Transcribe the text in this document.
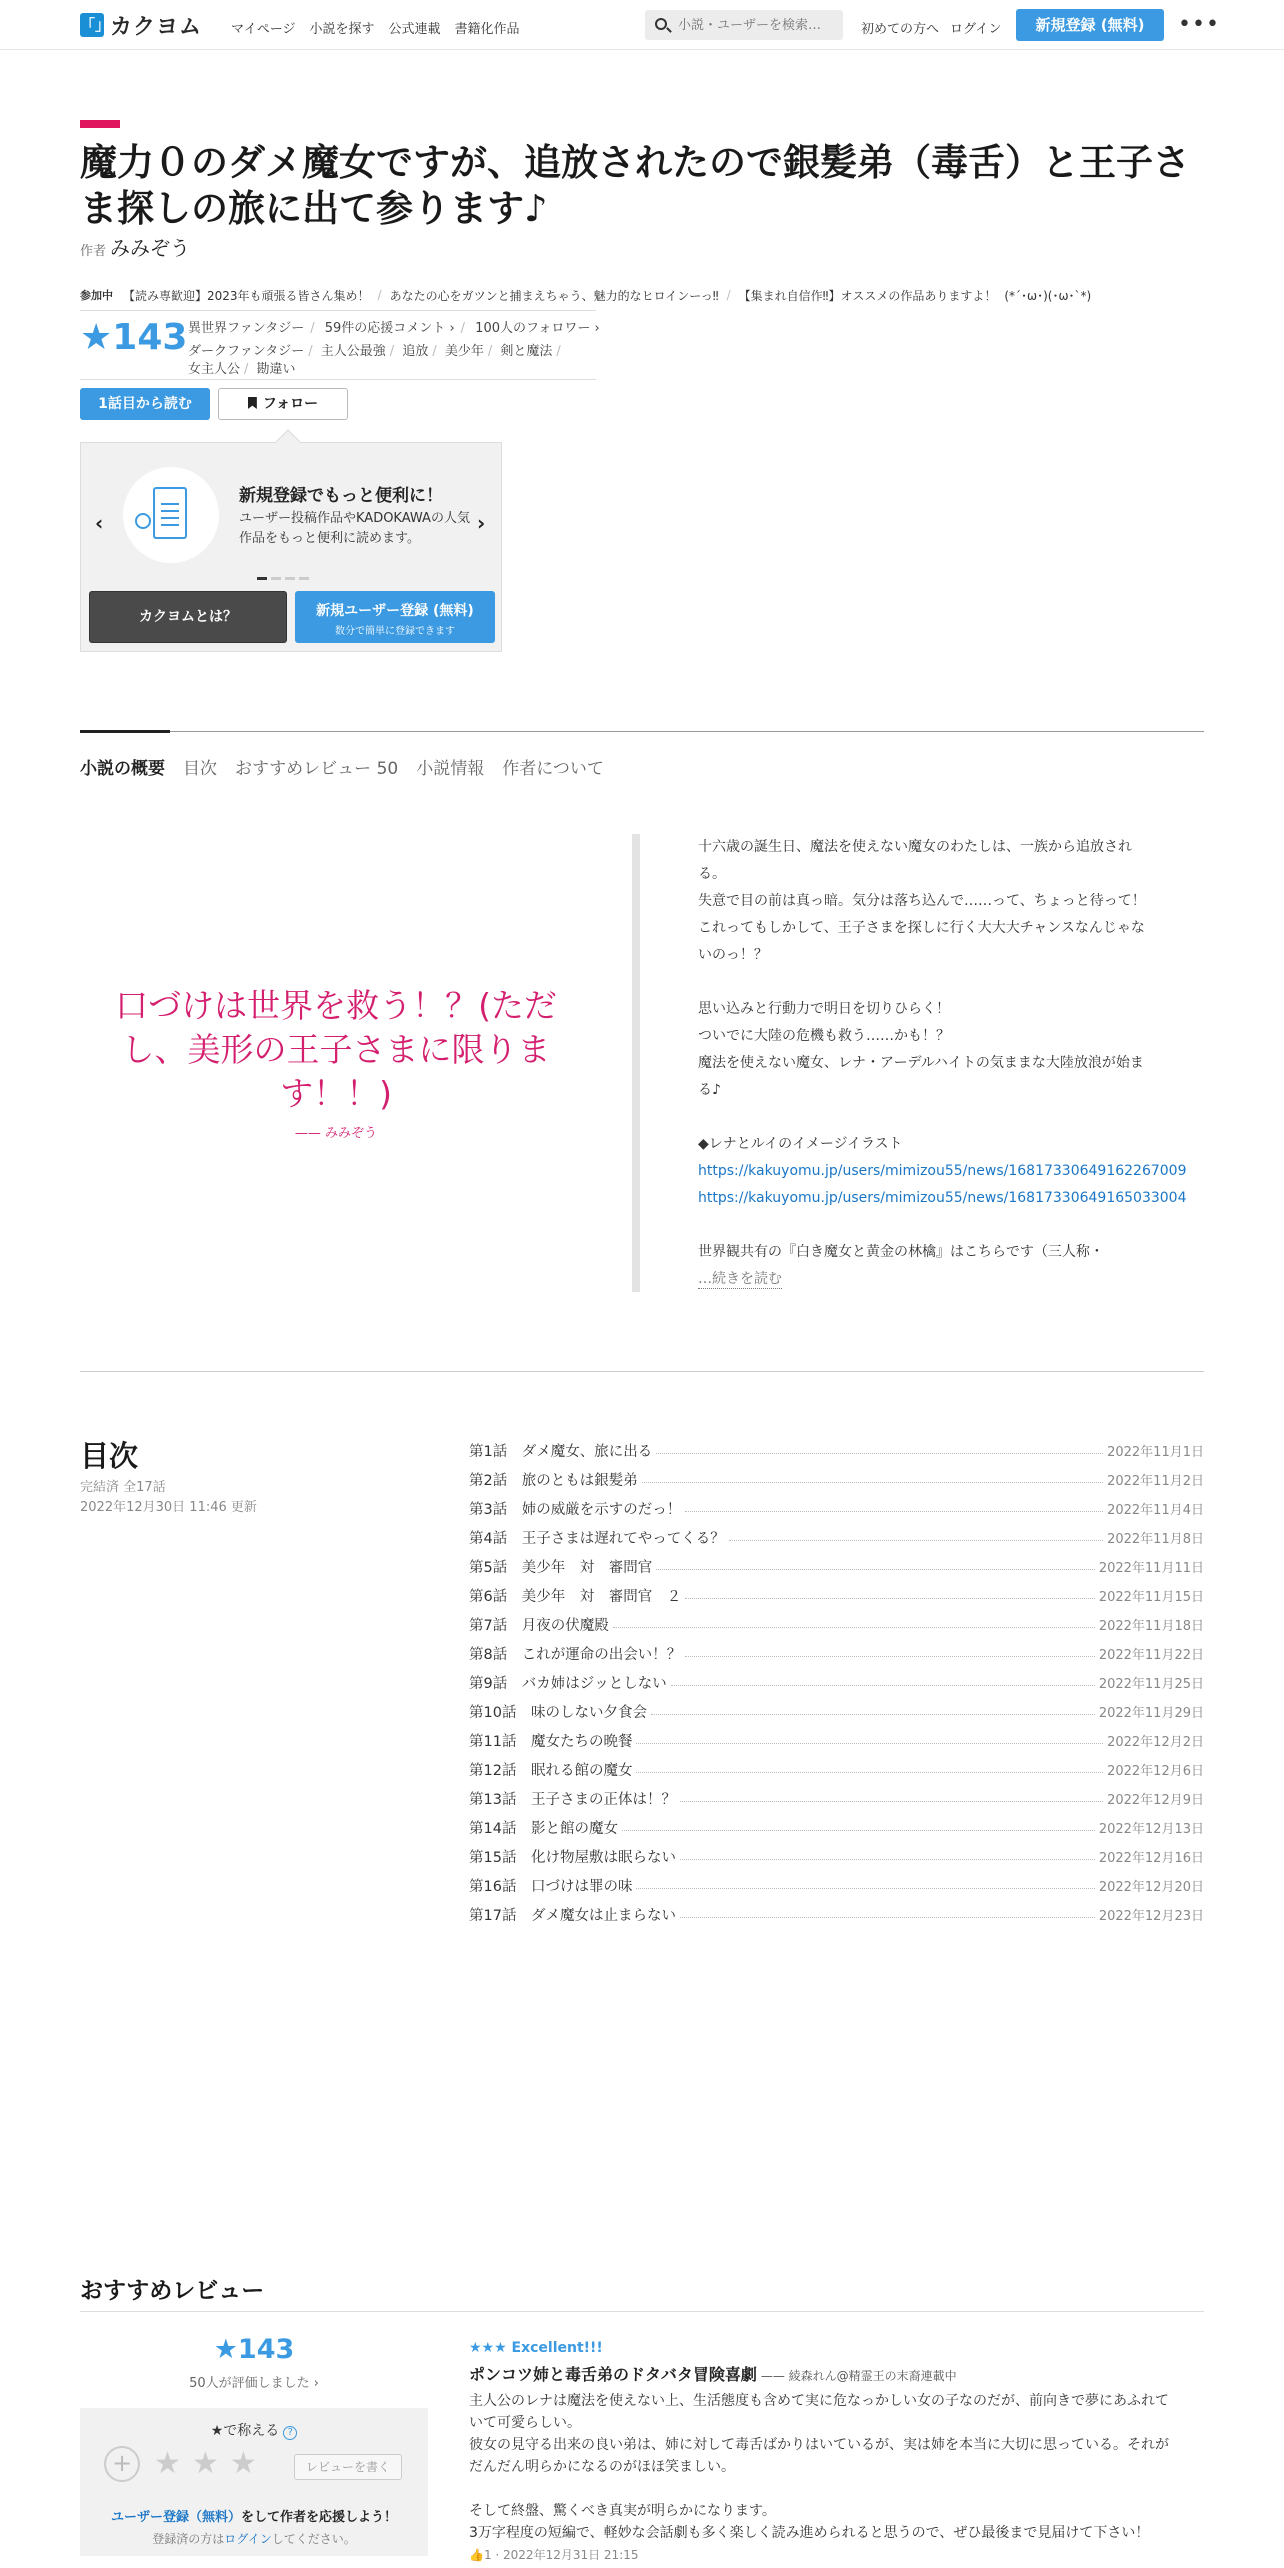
「」 カクヨム マイページ 小説を探す 公式連載 書籍化作品
小説・ユーザーを検索…	初めての方へ ログイン	新規登録 (無料)	•••
魔力０のダメ魔女ですが、追放されたので銀髪弟（毒舌）と王子さま探しの旅に出て参ります♪
作者 みみぞう
参加中 【読み専歓迎】2023年も頑張る皆さん集め！ / あなたの心をガツンと捕まえちゃう、魅力的なヒロインーっ‼ / 【集まれ自信作‼】オススメの作品ありますよ！ (*´･ω･)(･ω･`*)
★143 異世界ファンタジー / 59件の応援コメント › / 100人のフォロワー ›
ダークファンタジー / 主人公最強 / 追放 / 美少年 / 剣と魔法 /
女主人公 / 勘違い
1話目から読む	フォロー
‹	›
新規登録でもっと便利に！
ユーザー投稿作品やKADOKAWAの人気作品をもっと便利に読めます。
カクヨムとは？	新規ユーザー登録 (無料)
数分で簡単に登録できます
小説の概要 目次 おすすめレビュー 50 小説情報 作者について
口づけは世界を救う！？(ただし、美形の王子さまに限ります！！)
—— みみぞう
十六歳の誕生日、魔法を使えない魔女のわたしは、一族から追放され
る。
失意で目の前は真っ暗。気分は落ち込んで……って、ちょっと待って！
これってもしかして、王子さまを探しに行く大大大チャンスなんじゃな
いのっ！？
思い込みと行動力で明日を切りひらく！
ついでに大陸の危機も救う……かも！？
魔法を使えない魔女、レナ・アーデルハイトの気ままな大陸放浪が始ま
る♪
◆レナとルイのイメージイラスト
https://kakuyomu.jp/users/mimizou55/news/16817330649162267009
https://kakuyomu.jp/users/mimizou55/news/16817330649165033004
世界観共有の『白き魔女と黄金の林檎』はこちらです（三人称・
…続きを読む
目次
完結済 全17話
2022年12月30日 11:46 更新
第1話　ダメ魔女、旅に出る	2022年11月1日
第2話　旅のともは銀髪弟	2022年11月2日
第3話　姉の威厳を示すのだっ！	2022年11月4日
第4話　王子さまは遅れてやってくる？	2022年11月8日
第5話　美少年　対　審問官	2022年11月11日
第6話　美少年　対　審問官　２	2022年11月15日
第7話　月夜の伏魔殿	2022年11月18日
第8話　これが運命の出会い！？	2022年11月22日
第9話　バカ姉はジッとしない	2022年11月25日
第10話　味のしない夕食会	2022年11月29日
第11話　魔女たちの晩餐	2022年12月2日
第12話　眠れる館の魔女	2022年12月6日
第13話　王子さまの正体は！？	2022年12月9日
第14話　影と館の魔女	2022年12月13日
第15話　化け物屋敷は眠らない	2022年12月16日
第16話　口づけは罪の味	2022年12月20日
第17話　ダメ魔女は止まらない	2022年12月23日
おすすめレビュー
★143
50人が評価しました ›
★で称える ?
+ ★ ★ ★	レビューを書く
ユーザー登録（無料）をして作者を応援しよう！
登録済の方はログインしてください。
★★★ Excellent!!!
ポンコツ姉と毒舌弟のドタバタ冒険喜劇 —— 綾森れん@精霊王の末裔連載中
主人公のレナは魔法を使えない上、生活態度も含めて実に危なっかしい女の子なのだが、前向きで夢にあふれて
いて可愛らしい。
彼女の見守る出来の良い弟は、姉に対して毒舌ばかりはいているが、実は姉を本当に大切に思っている。それが
だんだん明らかになるのがほほ笑ましい。
そして終盤、驚くべき真実が明らかになります。
3万字程度の短編で、軽妙な会話劇も多く楽しく読み進められると思うので、ぜひ最後まで見届けて下さい！
👍1 · 2022年12月31日 21:15
